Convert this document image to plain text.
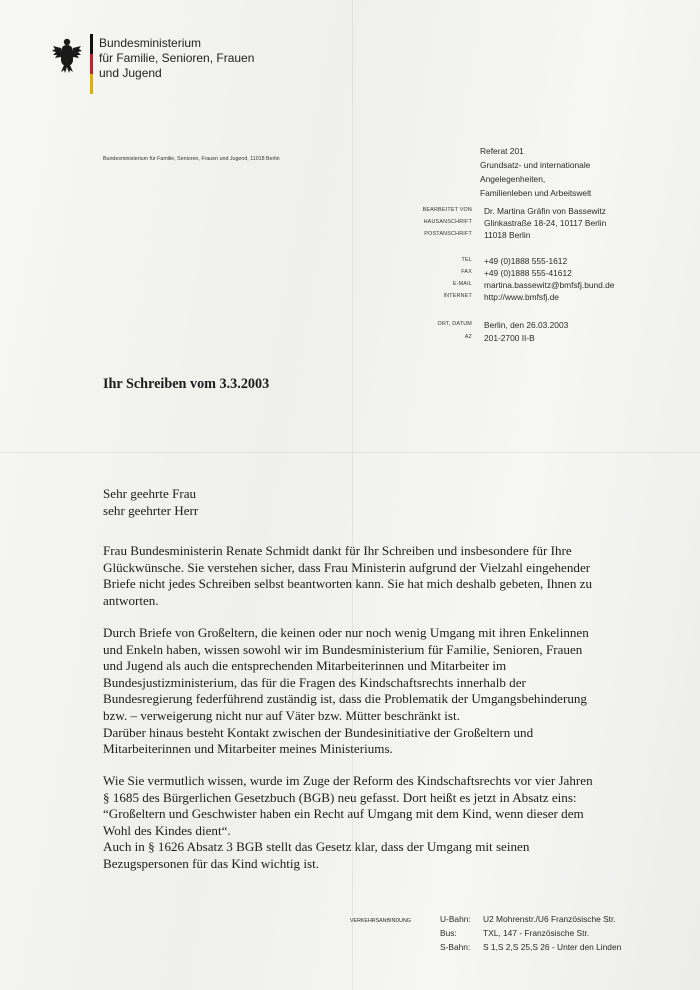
Bundesministerium
für Familie, Senioren, Frauen
und Jugend
Bundesministerium für Familie, Senioren, Frauen und Jugend, 11018 Berlin
Referat 201
Grundsatz- und internationale
Angelegenheiten,
Familienleben und Arbeitswelt
BEARBEITET VON Dr. Martina Gräfin von Bassewitz
HAUSANSCHRIFT Glinkastraße 18-24, 10117 Berlin
POSTANSCHRIFT 11018 Berlin
TEL +49 (0)1888 555-1612
FAX +49 (0)1888 555-41612
E-MAIL martina.bassewitz@bmfsfj.bund.de
INTERNET http://www.bmfsfj.de
ORT, DATUM Berlin, den 26.03.2003
AZ 201-2700 II-B
Ihr Schreiben vom 3.3.2003
Sehr geehrte Frau
sehr geehrter Herr
Frau Bundesministerin Renate Schmidt dankt für Ihr Schreiben und insbesondere für Ihre
Glückwünsche. Sie verstehen sicher, dass Frau Ministerin aufgrund der Vielzahl eingehender
Briefe nicht jedes Schreiben selbst beantworten kann. Sie hat mich deshalb gebeten, Ihnen zu
antworten.
Durch Briefe von Großeltern, die keinen oder nur noch wenig Umgang mit ihren Enkelinnen
und Enkeln haben, wissen sowohl wir im Bundesministerium für Familie, Senioren, Frauen
und Jugend als auch die entsprechenden Mitarbeiterinnen und Mitarbeiter im
Bundesjustizministerium, das für die Fragen des Kindschaftsrechts innerhalb der
Bundesregierung federführend zuständig ist, dass die Problematik der Umgangsbehinderung
bzw. – verweigerung nicht nur auf Väter bzw. Mütter beschränkt ist.
Darüber hinaus besteht Kontakt zwischen der Bundesinitiative der Großeltern und
Mitarbeiterinnen und Mitarbeiter meines Ministeriums.
Wie Sie vermutlich wissen, wurde im Zuge der Reform des Kindschaftsrechts vor vier Jahren
§ 1685 des Bürgerlichen Gesetzbuch (BGB) neu gefasst. Dort heißt es jetzt in Absatz eins:
“Großeltern und Geschwister haben ein Recht auf Umgang mit dem Kind, wenn dieser dem
Wohl des Kindes dient“.
Auch in § 1626 Absatz 3 BGB stellt das Gesetz klar, dass der Umgang mit seinen
Bezugspersonen für das Kind wichtig ist.
VERKEHRSANBINDUNG	U-Bahn: U2 Mohrenstr./U6 Französische Str.
Bus:	TXL, 147 - Französische Str.
S-Bahn: S 1,S 2,S 25,S 26 - Unter den Linden
